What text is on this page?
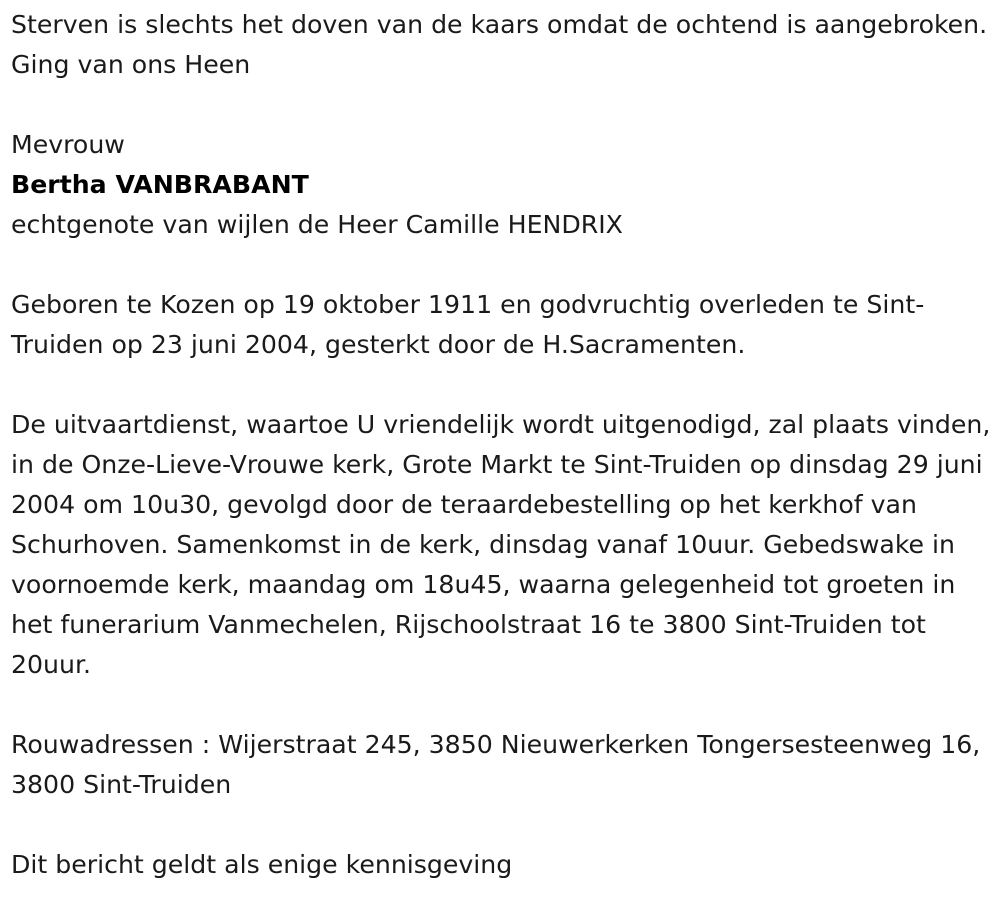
Sterven is slechts het doven van de kaars omdat de ochtend is aangebroken. Ging van ons Heen

Mevrouw

Bertha VANBRABANT

echtgenote van wijlen de Heer Camille HENDRIX

Geboren te Kozen op 19 oktober 1911 en godvruchtig overleden te Sint-Truiden op 23 juni 2004, gesterkt door de H.Sacramenten.

De uitvaartdienst, waartoe U vriendelijk wordt uitgenodigd, zal plaats vinden, in de Onze-Lieve-Vrouwe kerk, Grote Markt te Sint-Truiden op dinsdag 29 juni 2004 om 10u30, gevolgd door de teraardebestelling op het kerkhof van Schurhoven. Samenkomst in de kerk, dinsdag vanaf 10uur. Gebedswake in voornoemde kerk, maandag om 18u45, waarna gelegenheid tot groeten in het funerarium Vanmechelen, Rijschoolstraat 16 te 3800 Sint-Truiden tot 20uur.

Rouwadressen : Wijerstraat 245, 3850 Nieuwerkerken Tongersesteenweg 16, 3800 Sint-Truiden

Dit bericht geldt als enige kennisgeving
